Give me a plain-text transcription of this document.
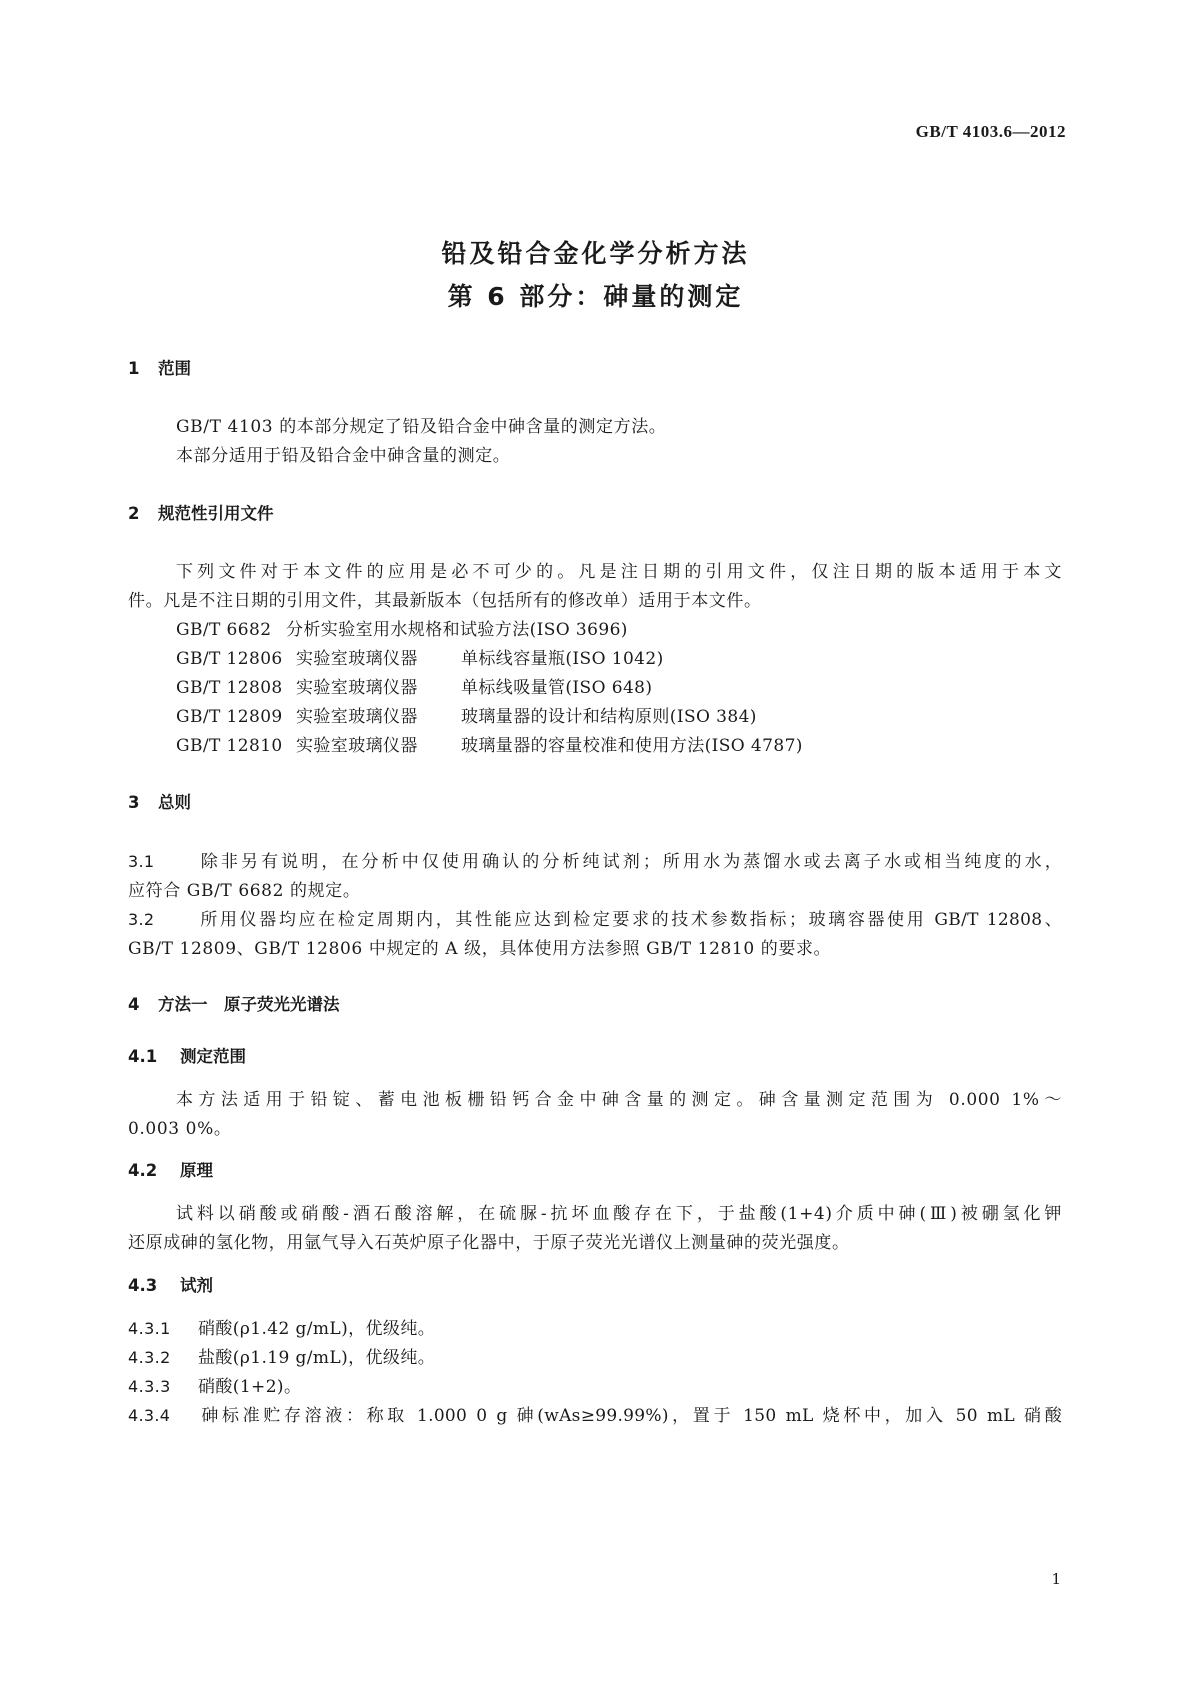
GB/T 4103.6—2012
铅及铅合金化学分析方法
第 6 部分：砷量的测定
1 范围
GB/T 4103 的本部分规定了铅及铅合金中砷含量的测定方法。
本部分适用于铅及铅合金中砷含量的测定。
2 规范性引用文件
下列文件对于本文件的应用是必不可少的。凡是注日期的引用文件，仅注日期的版本适用于本文
件。凡是不注日期的引用文件，其最新版本（包括所有的修改单）适用于本文件。
GB/T 6682 分析实验室用水规格和试验方法(ISO 3696)
GB/T 12806 实验室玻璃仪器	单标线容量瓶(ISO 1042)
GB/T 12808 实验室玻璃仪器	单标线吸量管(ISO 648)
GB/T 12809 实验室玻璃仪器	玻璃量器的设计和结构原则(ISO 384)
GB/T 12810 实验室玻璃仪器	玻璃量器的容量校准和使用方法(ISO 4787)
3 总则
3.1	除非另有说明，在分析中仅使用确认的分析纯试剂；所用水为蒸馏水或去离子水或相当纯度的水，
应符合 GB/T 6682 的规定。
3.2	所用仪器均应在检定周期内，其性能应达到检定要求的技术参数指标；玻璃容器使用 GB/T 12808、
GB/T 12809、GB/T 12806 中规定的 A 级，具体使用方法参照 GB/T 12810 的要求。
4 方法一　原子荧光光谱法
4.1 测定范围
本方法适用于铅锭、蓄电池板栅铅钙合金中砷含量的测定。砷含量测定范围为 0.000 1%～
0.003 0%。
4.2 原理
试料以硝酸或硝酸-酒石酸溶解，在硫脲-抗坏血酸存在下，于盐酸(1+4)介质中砷(Ⅲ)被硼氢化钾
还原成砷的氢化物，用氩气导入石英炉原子化器中，于原子荧光光谱仪上测量砷的荧光强度。
4.3 试剂
4.3.1 硝酸(ρ1.42 g/mL)，优级纯。
4.3.2 盐酸(ρ1.19 g/mL)，优级纯。
4.3.3 硝酸(1+2)。
4.3.4 砷标准贮存溶液：称取 1.000 0 g 砷(wAs≥99.99%)，置于 150 mL 烧杯中，加入 50 mL 硝酸
1
